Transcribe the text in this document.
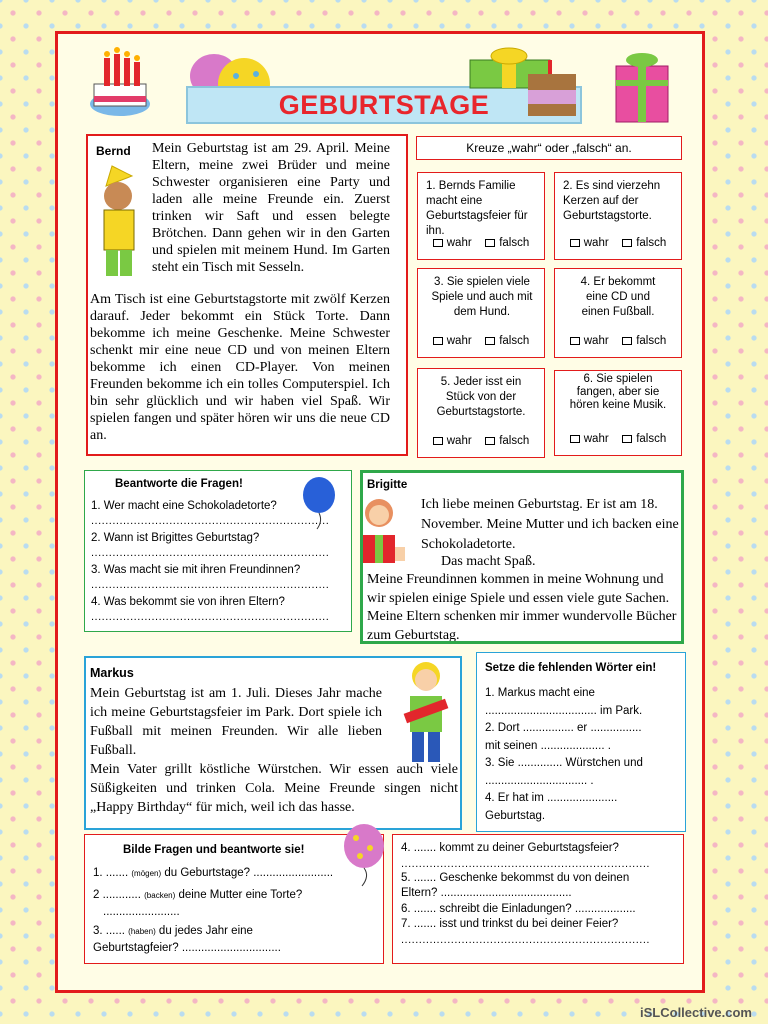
GEBURTSTAGE
Bernd Mein Geburtstag ist am 29. April. Meine Eltern, meine zwei Brüder und meine Schwester organisieren eine Party und laden alle meine Freunde ein. Zuerst trinken wir Saft und essen belegte Brötchen. Dann gehen wir in den Garten und spielen mit meinem Hund. Im Garten steht ein Tisch mit Sesseln.
Am Tisch ist eine Geburtstagstorte mit zwölf Kerzen darauf. Jeder bekommt ein Stück Torte. Dann bekomme ich meine Geschenke. Meine Schwester schenkt mir eine neue CD und von meinen Eltern bekomme ich einen CD-Player. Von meinen Freunden bekomme ich ein tolles Computerspiel. Ich bin sehr glücklich und wir haben viel Spaß. Wir spielen fangen und später hören wir uns die neue CD an.
Kreuze „wahr“ oder „falsch“ an.

1. Bernds Familie macht eine Geburtstagsfeier für ihn.

wahr	falsch

2. Es sind vierzehn Kerzen auf der Geburtstagstorte.

wahr	falsch

3. Sie spielen viele Spiele und auch mit dem Hund.

wahr	falsch

4. Er bekommt eine CD und einen Fußball.

wahr	falsch

5. Jeder isst ein Stück von der Geburtstagstorte.

wahr	falsch

6. Sie spielen fangen, aber sie hören keine Musik.

wahr	falsch
Beantworte die Fragen!
1. Wer macht eine Schokoladetorte?
...................................................................
2. Wann ist Brigittes Geburtstag?
...................................................................
3. Was macht sie mit ihren Freundinnen?
...................................................................
4. Was bekommt sie von ihren Eltern?
...................................................................
Brigitte
Ich liebe meinen Geburtstag. Er ist am 18. November. Meine Mutter und ich backen eine Schokoladetorte.
Das macht Spaß.
Meine Freundinnen kommen in meine Wohnung und wir spielen einige Spiele und essen viele gute Sachen. Meine Eltern schenken mir immer wundervolle Bücher zum Geburtstag.
Markus
Mein Geburtstag ist am 1. Juli. Dieses Jahr mache ich meine Geburtstagsfeier im Park. Dort spiele ich Fußball mit meinen Freunden. Wir alle lieben Fußball.
Mein Vater grillt köstliche Würstchen. Wir essen auch viele Süßigkeiten und trinken Cola. Meine Freunde singen nicht „Happy Birthday“ für mich, weil ich das hasse.
Setze die fehlenden Wörter ein!
1. Markus macht eine
................................... im Park.
2. Dort ................ er ................
mit seinen .................... .
3. Sie .............. Würstchen und
................................ .
4. Er hat im ......................
Geburtstag.
Bilde Fragen und beantworte sie!
1. ....... (mögen) du Geburtstage? .........................
2 ............ (backen) deine Mutter eine Torte?
........................
3. ...... (haben) du jedes Jahr eine
Geburtstagfeier? ...............................
4. ....... kommt zu deiner Geburtstagsfeier?
......................................................................
5. ....... Geschenke bekommst du von deinen
Eltern? .........................................
6. ....... schreibt die Einladungen? ...................
7. ....... isst und trinkst du bei deiner Feier?
......................................................................
iSLCollective.com
